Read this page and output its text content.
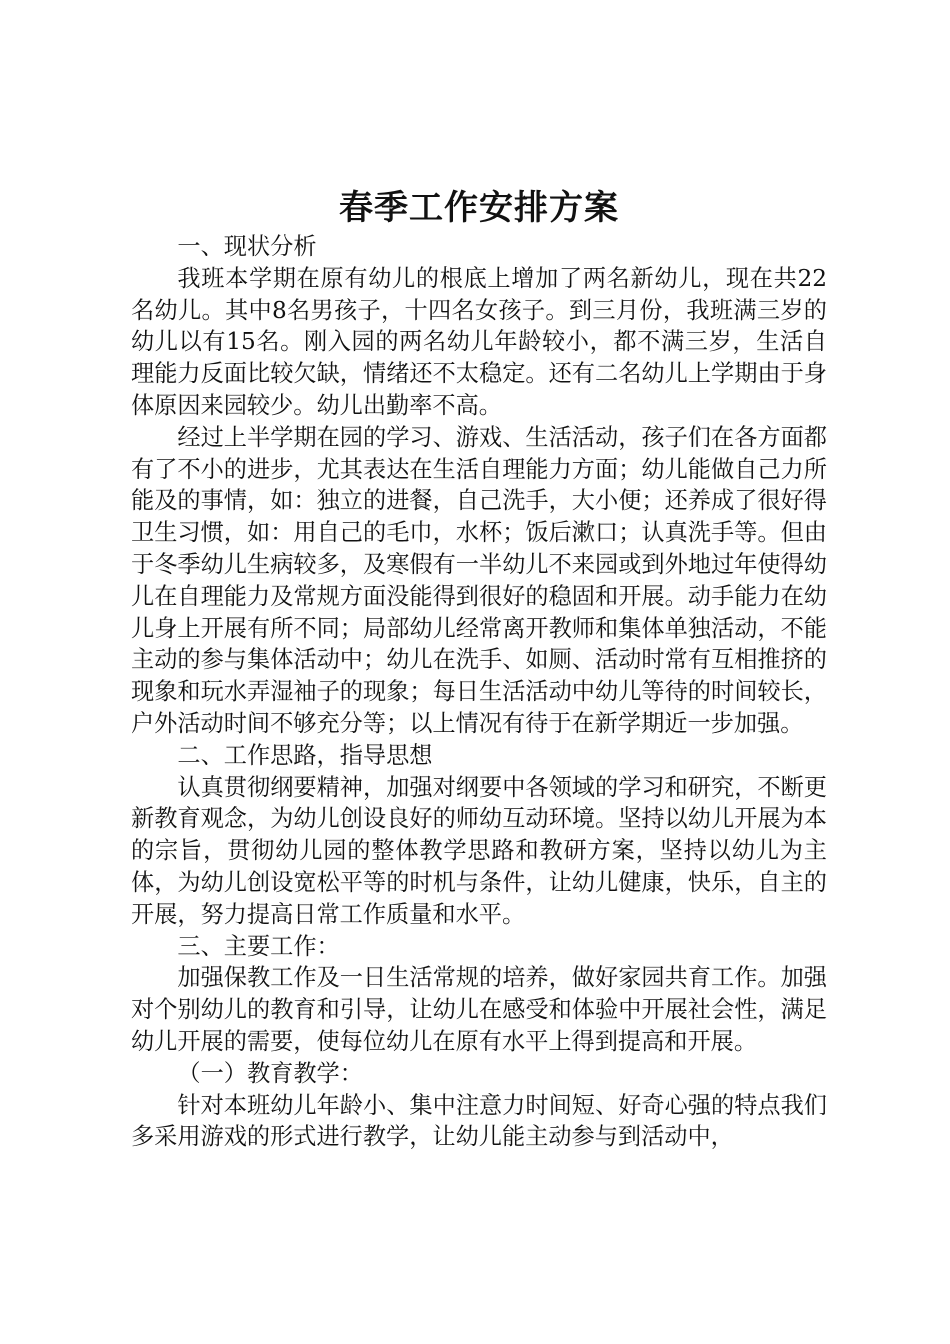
春季工作安排方案

一、现状分析

我班本学期在原有幼儿的根底上增加了两名新幼儿，现在共22名幼儿。其中8名男孩子，十四名女孩子。到三月份，我班满三岁的幼儿以有15名。刚入园的两名幼儿年龄较小，都不满三岁，生活自理能力反面比较欠缺，情绪还不太稳定。还有二名幼儿上学期由于身体原因来园较少。幼儿出勤率不高。

经过上半学期在园的学习、游戏、生活活动，孩子们在各方面都有了不小的进步，尤其表达在生活自理能力方面；幼儿能做自己力所能及的事情，如：独立的进餐，自己洗手，大小便；还养成了很好得卫生习惯，如：用自己的毛巾，水杯；饭后漱口；认真洗手等。但由于冬季幼儿生病较多，及寒假有一半幼儿不来园或到外地过年使得幼儿在自理能力及常规方面没能得到很好的稳固和开展。动手能力在幼儿身上开展有所不同；局部幼儿经常离开教师和集体单独活动，不能主动的参与集体活动中；幼儿在洗手、如厕、活动时常有互相推挤的现象和玩水弄湿袖子的现象；每日生活活动中幼儿等待的时间较长，户外活动时间不够充分等；以上情况有待于在新学期近一步加强。

二、工作思路，指导思想

认真贯彻纲要精神，加强对纲要中各领域的学习和研究，不断更新教育观念，为幼儿创设良好的师幼互动环境。坚持以幼儿开展为本的宗旨，贯彻幼儿园的整体教学思路和教研方案，坚持以幼儿为主体，为幼儿创设宽松平等的时机与条件，让幼儿健康，快乐，自主的开展，努力提高日常工作质量和水平。

三、主要工作：

加强保教工作及一日生活常规的培养，做好家园共育工作。加强对个别幼儿的教育和引导，让幼儿在感受和体验中开展社会性，满足幼儿开展的需要，使每位幼儿在原有水平上得到提高和开展。

（一）教育教学：

针对本班幼儿年龄小、集中注意力时间短、好奇心强的特点我们多采用游戏的形式进行教学，让幼儿能主动参与到活动中，
